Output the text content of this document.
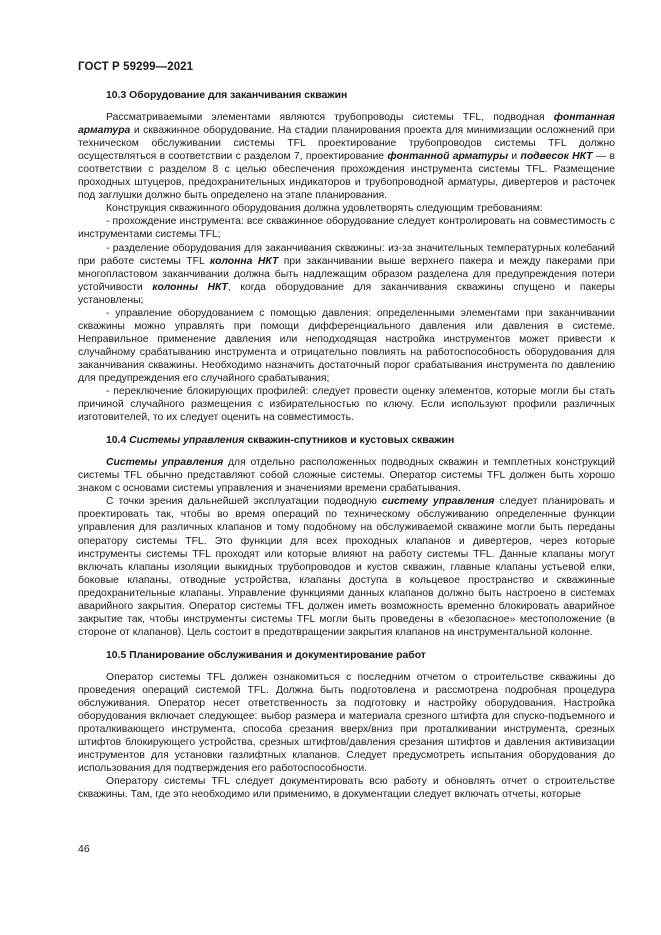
ГОСТ Р 59299—2021
10.3 Оборудование для заканчивания скважин

Рассматриваемыми элементами являются трубопроводы системы TFL, подводная фонтанная арматура и скважинное оборудование. На стадии планирования проекта для минимизации осложнений при техническом обслуживании системы TFL проектирование трубопроводов системы TFL должно осуществляться в соответствии с разделом 7, проектирование фонтанной арматуры и подвесок НКТ — в соответствии с разделом 8 с целью обеспечения прохождения инструмента системы TFL. Размещение проходных штуцеров, предохранительных индикаторов и трубопроводной арматуры, дивертеров и расточек под заглушки должно быть определено на этапе планирования.

Конструкция скважинного оборудования должна удовлетворять следующим требованиям:

- прохождение инструмента: все скважинное оборудование следует контролировать на совместимость с инструментами системы TFL;

- разделение оборудования для заканчивания скважины: из-за значительных температурных колебаний при работе системы TFL колонна НКТ при заканчивании выше верхнего пакера и между пакерами при многопластовом заканчивании должна быть надлежащим образом разделена для предупреждения потери устойчивости колонны НКТ, когда оборудование для заканчивания скважины спущено и пакеры установлены;

- управление оборудованием с помощью давления: определенными элементами при заканчивании скважины можно управлять при помощи дифференциального давления или давления в системе. Неправильное применение давления или неподходящая настройка инструментов может привести к случайному срабатыванию инструмента и отрицательно повлиять на работоспособность оборудования для заканчивания скважины. Необходимо назначить достаточный порог срабатывания инструмента по давлению для предупреждения его случайного срабатывания;

- переключение блокирующих профилей: следует провести оценку элементов, которые могли бы стать причиной случайного размещения с избирательностью по ключу. Если используют профили различных изготовителей, то их следует оценить на совместимость.

10.4 Системы управления скважин-спутников и кустовых скважин

Системы управления для отдельно расположенных подводных скважин и темплетных конструкций системы TFL обычно представляют собой сложные системы. Оператор системы TFL должен быть хорошо знаком с основами системы управления и значениями времени срабатывания.

С точки зрения дальнейшей эксплуатации подводную систему управления следует планировать и проектировать так, чтобы во время операций по техническому обслуживанию определенные функции управления для различных клапанов и тому подобному на обслуживаемой скважине могли быть переданы оператору системы TFL. Это функции для всех проходных клапанов и дивертеров, через которые инструменты системы TFL проходят или которые влияют на работу системы TFL. Данные клапаны могут включать клапаны изоляции выкидных трубопроводов и кустов скважин, главные клапаны устьевой елки, боковые клапаны, отводные устройства, клапаны доступа в кольцевое пространство и скважинные предохранительные клапаны. Управление функциями данных клапанов должно быть настроено в системах аварийного закрытия. Оператор системы TFL должен иметь возможность временно блокировать аварийное закрытие так, чтобы инструменты системы TFL могли быть проведены в «безопасное» местоположение (в стороне от клапанов). Цель состоит в предотвращении закрытия клапанов на инструментальной колонне.

10.5 Планирование обслуживания и документирование работ

Оператор системы TFL должен ознакомиться с последним отчетом о строительстве скважины до проведения операций системой TFL. Должна быть подготовлена и рассмотрена подробная процедура обслуживания. Оператор несет ответственность за подготовку и настройку оборудования. Настройка оборудования включает следующее: выбор размера и материала срезного штифта для спуско-подъемного и проталкивающего инструмента, способа срезания вверх/вниз при проталкивании инструмента, срезных штифтов блокирующего устройства, срезных штифтов/давления срезания штифтов и давления активизации инструментов для установки газлифтных клапанов. Следует предусмотреть испытания оборудования до использования для подтверждения его работоспособности.

Оператору системы TFL следует документировать всю работу и обновлять отчет о строительстве скважины. Там, где это необходимо или применимо, в документации следует включать отчеты, которые

46
